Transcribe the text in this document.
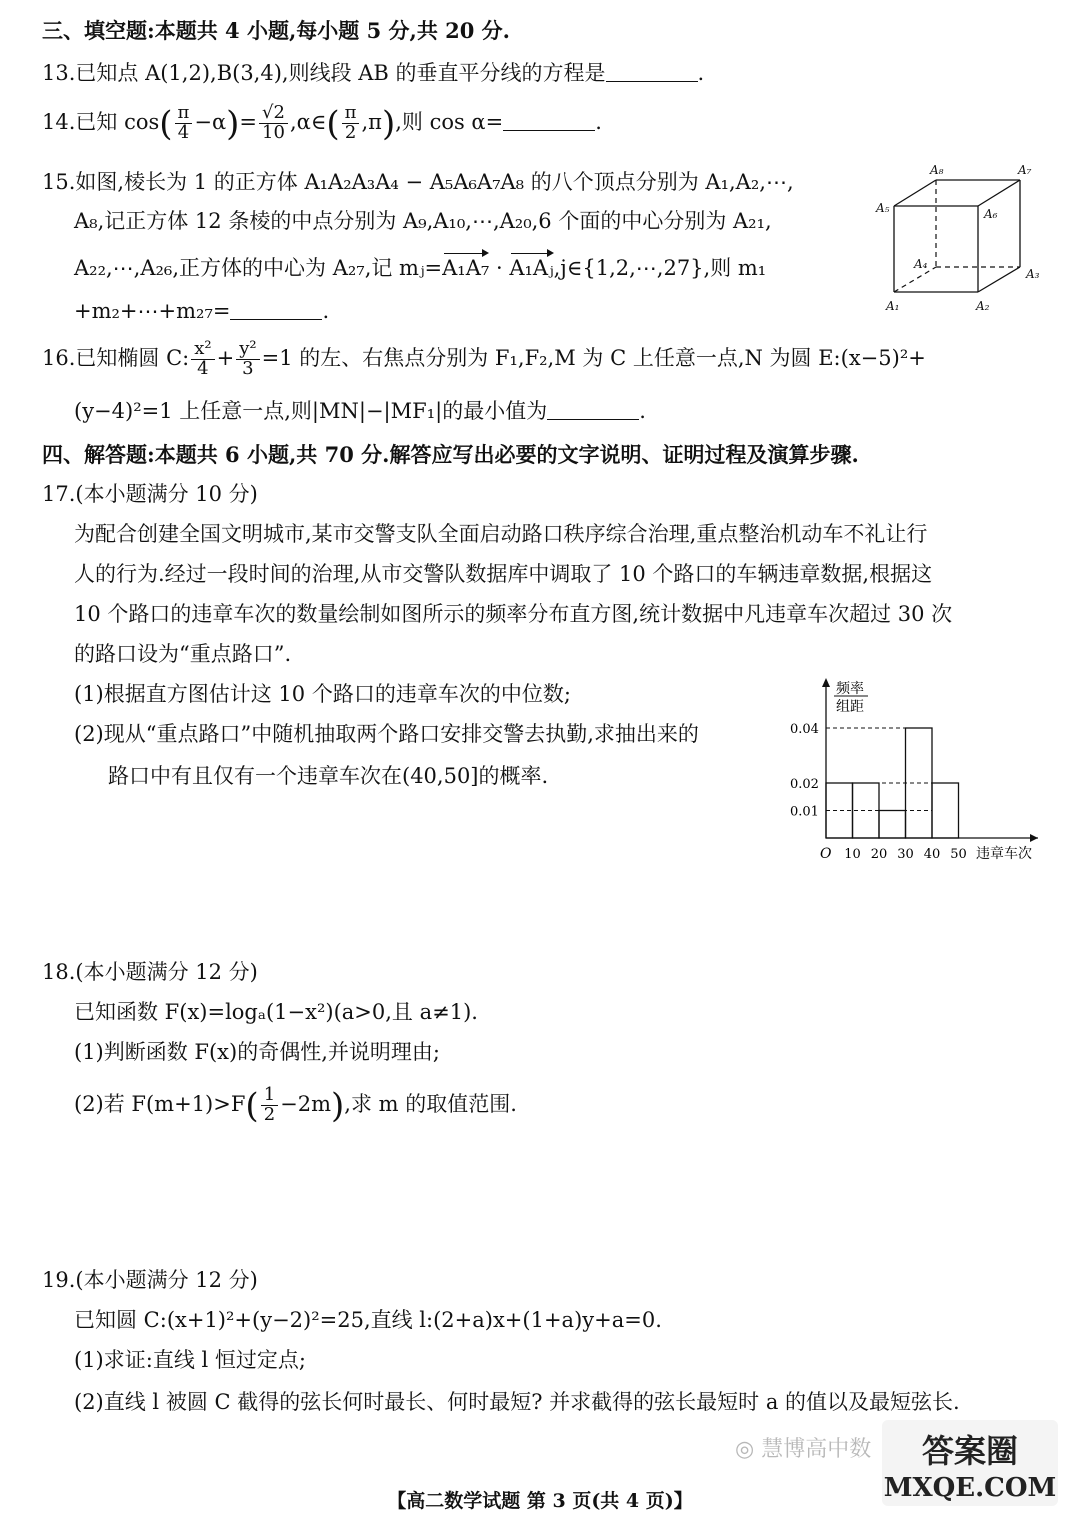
三、填空题:本题共 4 小题,每小题 5 分,共 20 分.
13.已知点 A(1,2),B(3,4),则线段 AB 的垂直平分线的方程是	.
14.已知 $\cos( \frac{\pi}{4} -\alpha)= \frac{√2}{10}$ ,α∈( $\frac{\pi}{2} ,\pi$),则 cos α=	.
15.如图,棱长为 1 的正方体 A₁A₂A₃A₄ − A₅A₆A₇A₈ 的八个顶点分别为 A₁,A₂,⋯,
A₈,记正方体 12 条棱的中点分别为 A₉,A₁₀,⋯,A₂₀,6 个面的中心分别为 A₂₁,
A₂₂,⋯,A₂₆,正方体的中心为 A₂₇,记 mⱼ=A₁A₇ · A₁Aⱼ,j∈{1,2,⋯,27},则 m₁
+m₂+⋯+m₂₇=	.	A₁	A₂
A₃
A₄
A₅	A₆
A₇
A₈
16.已知椭圆 C: $\frac{\text{x²}}{4} + \frac{\text{y²}}{3} =1$ 的左、右焦点分别为 F₁,F₂,M 为 C 上任意一点,N 为圆 E:(x−5)²+
(y−4)²=1 上任意一点,则|MN|−|MF₁|的最小值为	.
四、解答题:本题共 6 小题,共 70 分.解答应写出必要的文字说明、证明过程及演算步骤.
17.(本小题满分 10 分)
为配合创建全国文明城市,某市交警支队全面启动路口秩序综合治理,重点整治机动车不礼让行
人的行为.经过一段时间的治理,从市交警队数据库中调取了 10 个路口的车辆违章数据,根据这
10 个路口的违章车次的数量绘制如图所示的频率分布直方图,统计数据中凡违章车次超过 30 次
的路口设为“重点路口”.
(1)根据直方图估计这 10 个路口的违章车次的中位数;
(2)现从“重点路口”中随机抽取两个路口安排交警去执勤,求抽出来的
路口中有且仅有一个违章车次在(40,50]的概率.
频率
组距
O	违章车次
0.01
0.02
0.04
10 20 30 40 50
18.(本小题满分 12 分)
已知函数 F(x)=logₐ(1−x²)(a>0,且 a≠1).
(1)判断函数 F(x)的奇偶性,并说明理由;
(2)若 $F(m+1)>F( \frac{1}{2} -2m)$,求 m 的取值范围.
19.(本小题满分 12 分)
已知圆 C:(x+1)²+(y−2)²=25,直线 l:(2+a)x+(1+a)y+a=0.
(1)求证:直线 l 恒过定点;
(2)直线 l 被圆 C 截得的弦长何时最长、何时最短? 并求截得的弦长最短时 a 的值以及最短弦长.
◎ 慧博高中数 答案圈
MXQE.COM
【高二数学试题 第 3 页(共 4 页)】
